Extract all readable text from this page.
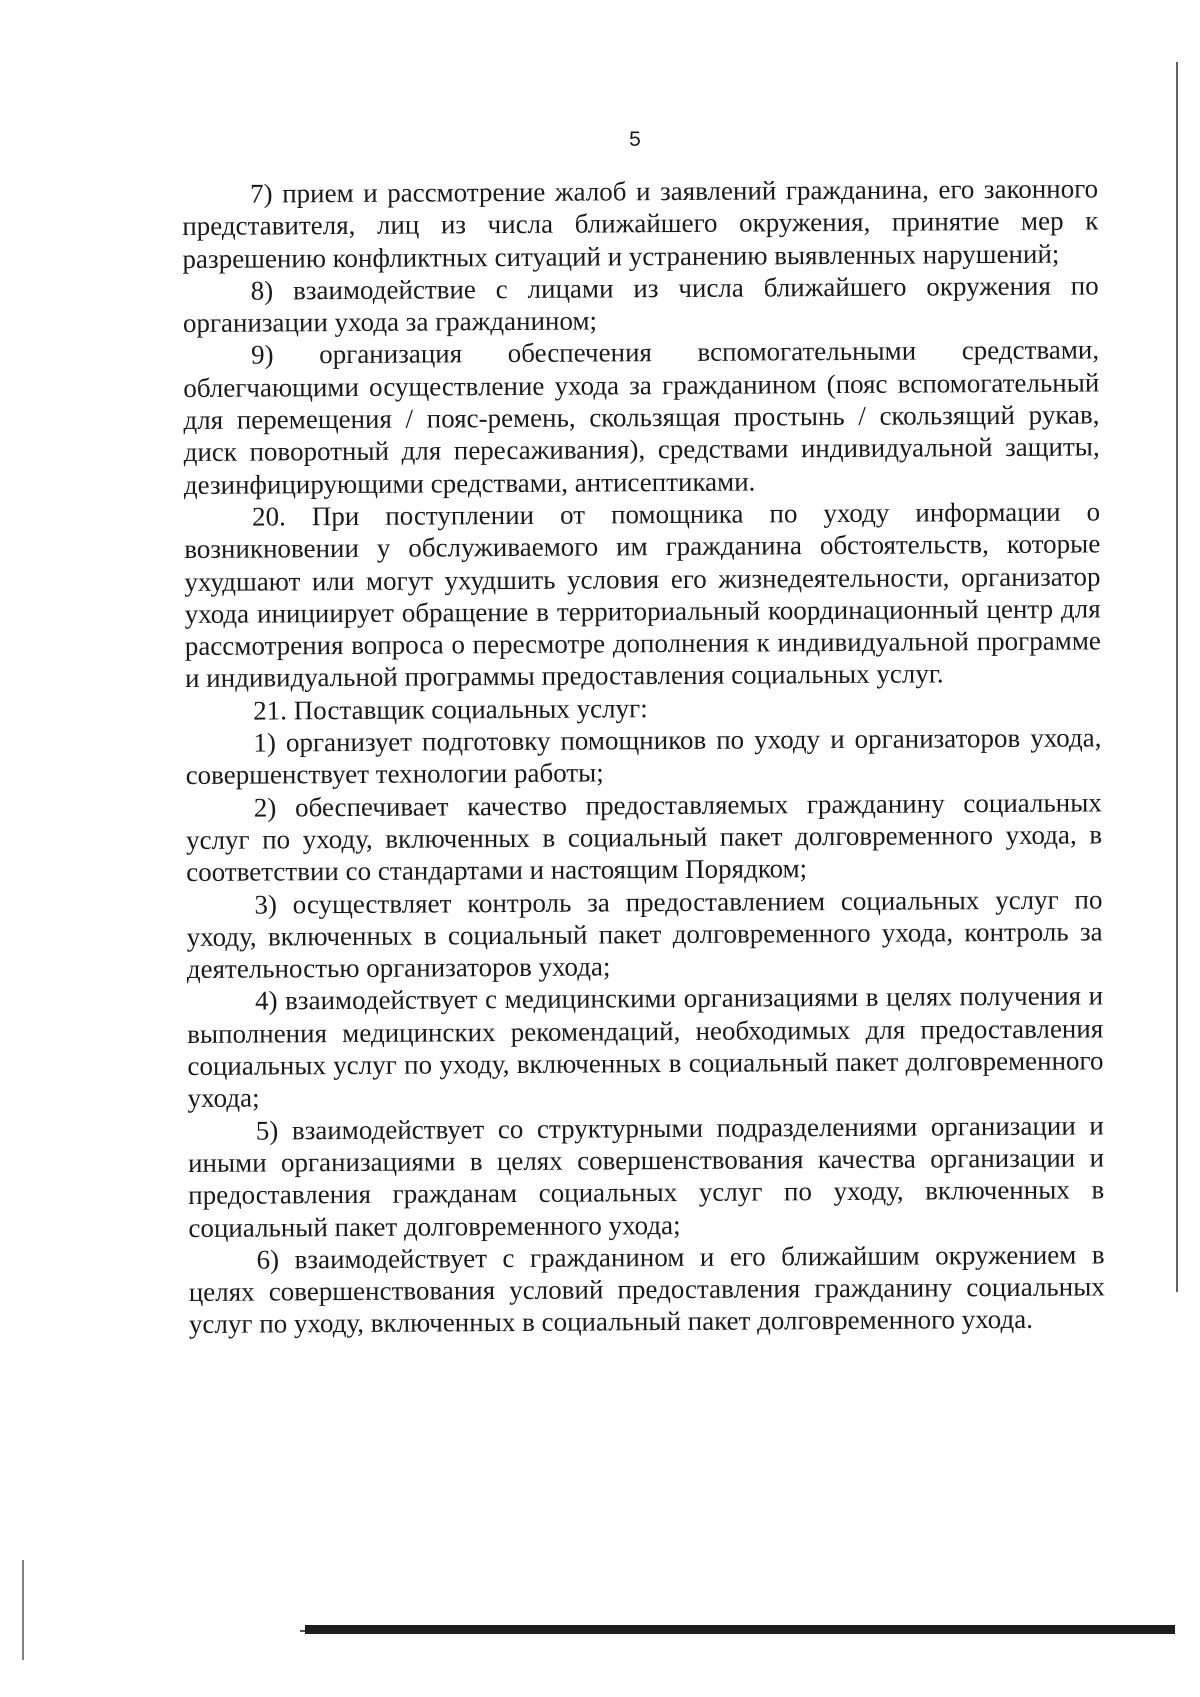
5

7) прием и рассмотрение жалоб и заявлений гражданина, его законного представителя, лиц из числа ближайшего окружения, принятие мер к разрешению конфликтных ситуаций и устранению выявленных нарушений;

8) взаимодействие с лицами из числа ближайшего окружения по организации ухода за гражданином;

9) организация обеспечения вспомогательными средствами, облегчающими осуществление ухода за гражданином (пояс вспомогательный для перемещения / пояс-ремень, скользящая простынь / скользящий рукав, диск поворотный для пересаживания), средствами индивидуальной защиты, дезинфицирующими средствами, антисептиками.

20. При поступлении от помощника по уходу информации о возникновении у обслуживаемого им гражданина обстоятельств, которые ухудшают или могут ухудшить условия его жизнедеятельности, организатор ухода инициирует обращение в территориальный координационный центр для рассмотрения вопроса о пересмотре дополнения к индивидуальной программе и индивидуальной программы предоставления социальных услуг.

21. Поставщик социальных услуг:

1) организует подготовку помощников по уходу и организаторов ухода, совершенствует технологии работы;

2) обеспечивает качество предоставляемых гражданину социальных услуг по уходу, включенных в социальный пакет долговременного ухода, в соответствии со стандартами и настоящим Порядком;

3) осуществляет контроль за предоставлением социальных услуг по уходу, включенных в социальный пакет долговременного ухода, контроль за деятельностью организаторов ухода;

4) взаимодействует с медицинскими организациями в целях получения и выполнения медицинских рекомендаций, необходимых для предоставления социальных услуг по уходу, включенных в социальный пакет долговременного ухода;

5) взаимодействует со структурными подразделениями организации и иными организациями в целях совершенствования качества организации и предоставления гражданам социальных услуг по уходу, включенных в социальный пакет долговременного ухода;

6) взаимодействует с гражданином и его ближайшим окружением в целях совершенствования условий предоставления гражданину социальных услуг по уходу, включенных в социальный пакет долговременного ухода.
